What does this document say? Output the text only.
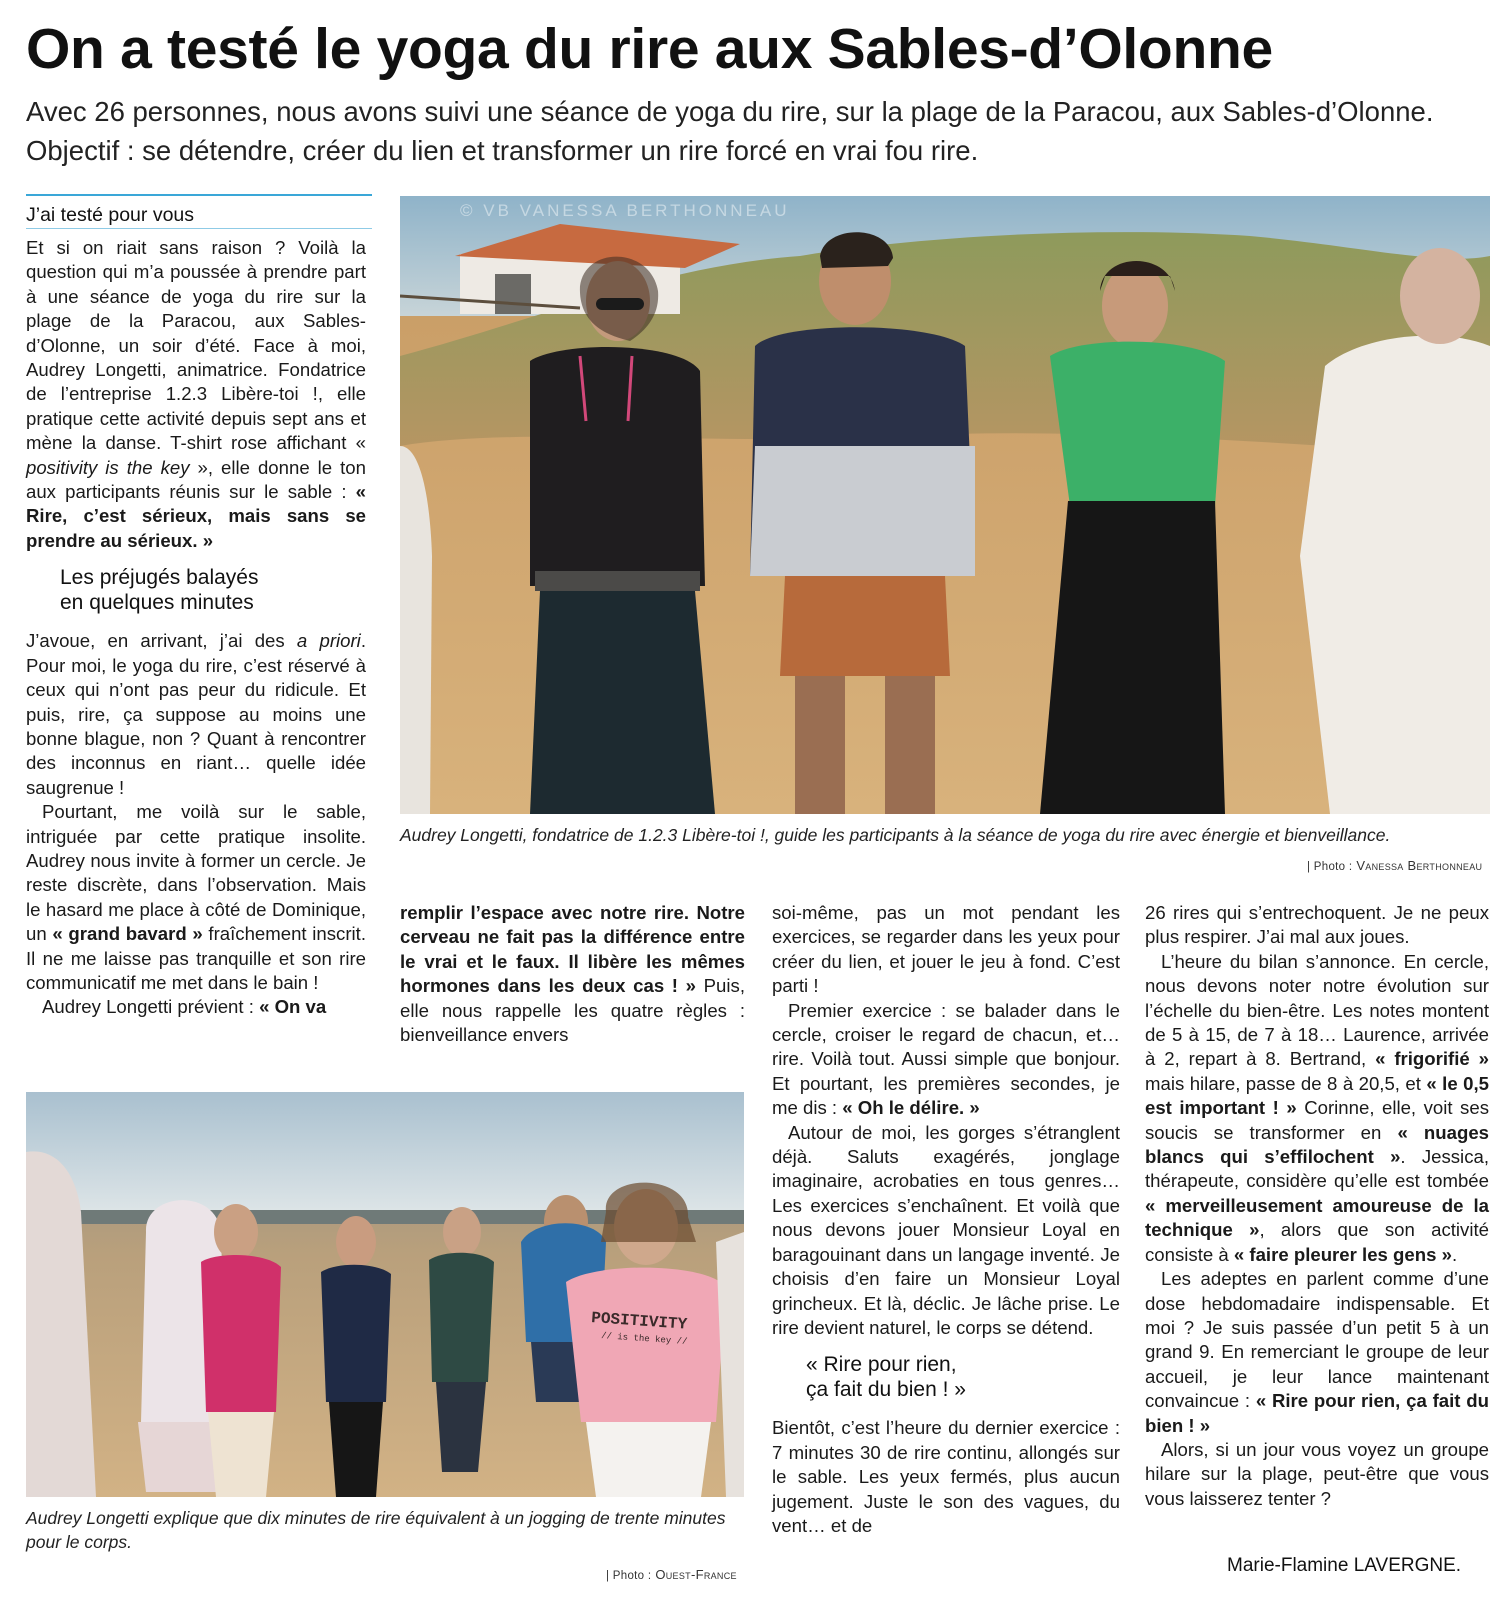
On a testé le yoga du rire aux Sables-d’Olonne

Avec 26 personnes, nous avons suivi une séance de yoga du rire, sur la plage de la Paracou, aux Sables-d’Olonne. Objectif : se détendre, créer du lien et transformer un rire forcé en vrai fou rire.

J’ai testé pour vous

Et si on riait sans raison ? Voilà la question qui m’a poussée à prendre part à une séance de yoga du rire sur la plage de la Paracou, aux Sables-d’Olonne, un soir d’été. Face à moi, Audrey Longetti, animatrice. Fondatrice de l’entreprise 1.2.3 Libère-toi !, elle pratique cette activité depuis sept ans et mène la danse. T-shirt rose affichant « positivity is the key », elle donne le ton aux participants réunis sur le sable : « Rire, c’est sérieux, mais sans se prendre au sérieux. »

Les préjugés balayés
en quelques minutes

J’avoue, en arrivant, j’ai des a priori. Pour moi, le yoga du rire, c’est réservé à ceux qui n’ont pas peur du ridicule. Et puis, rire, ça suppose au moins une bonne blague, non ? Quant à rencontrer des inconnus en riant… quelle idée saugrenue !

Pourtant, me voilà sur le sable, intriguée par cette pratique insolite. Audrey nous invite à former un cercle. Je reste discrète, dans l’observation. Mais le hasard me place à côté de Dominique, un « grand bavard » fraîchement inscrit. Il ne me laisse pas tranquille et son rire communicatif me met dans le bain !

Audrey Longetti prévient : « On va

© VB VANESSA BERTHONNEAU
Audrey Longetti, fondatrice de 1.2.3 Libère-toi !, guide les participants à la séance de yoga du rire avec énergie et bienveillance.
| Photo : Vanessa Berthonneau

remplir l’espace avec notre rire. Notre cerveau ne fait pas la différence entre le vrai et le faux. Il libère les mêmes hormones dans les deux cas ! » Puis, elle nous rappelle les quatre règles : bienveillance envers

soi-même, pas un mot pendant les exercices, se regarder dans les yeux pour créer du lien, et jouer le jeu à fond. C’est parti !

Premier exercice : se balader dans le cercle, croiser le regard de chacun, et… rire. Voilà tout. Aussi simple que bonjour. Et pourtant, les premières secondes, je me dis : « Oh le délire. »

Autour de moi, les gorges s’étranglent déjà. Saluts exagérés, jonglage imaginaire, acrobaties en tous genres… Les exercices s’enchaînent. Et voilà que nous devons jouer Monsieur Loyal en baragouinant dans un langage inventé. Je choisis d’en faire un Monsieur Loyal grincheux. Et là, déclic. Je lâche prise. Le rire devient naturel, le corps se détend.

« Rire pour rien,
ça fait du bien ! »

Bientôt, c’est l’heure du dernier exercice : 7 minutes 30 de rire continu, allongés sur le sable. Les yeux fermés, plus aucun jugement. Juste le son des vagues, du vent… et de

26 rires qui s’entrechoquent. Je ne peux plus respirer. J’ai mal aux joues.

L’heure du bilan s’annonce. En cercle, nous devons noter notre évolution sur l’échelle du bien-être. Les notes montent de 5 à 15, de 7 à 18… Laurence, arrivée à 2, repart à 8. Bertrand, « frigorifié » mais hilare, passe de 8 à 20,5, et « le 0,5 est important ! » Corinne, elle, voit ses soucis se transformer en « nuages blancs qui s’effilochent ». Jessica, thérapeute, considère qu’elle est tombée « merveilleusement amoureuse de la technique », alors que son activité consiste à « faire pleurer les gens ».

Les adeptes en parlent comme d’une dose hebdomadaire indispensable. Et moi ? Je suis passée d’un petit 5 à un grand 9. En remerciant le groupe de leur accueil, je leur lance maintenant convaincue : « Rire pour rien, ça fait du bien ! »

Alors, si un jour vous voyez un groupe hilare sur la plage, peut-être que vous vous laisserez tenter ?

Marie-Flamine LAVERGNE.
POSITIVITY
// is the key //
Audrey Longetti explique que dix minutes de rire équivalent à un jogging de trente minutes pour le corps.
| Photo : Ouest-France
